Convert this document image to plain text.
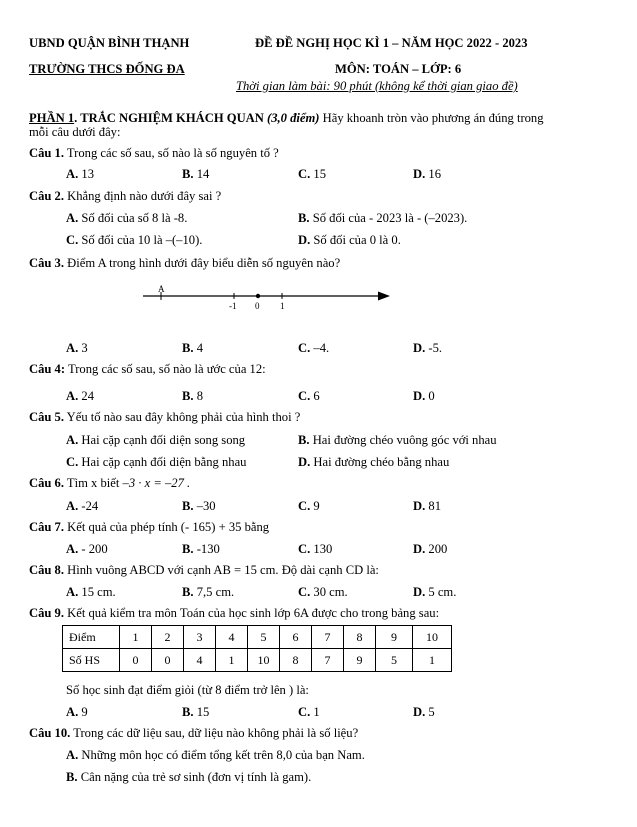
UBND QUẬN BÌNH THẠNH	ĐỀ ĐỀ NGHỊ HỌC KÌ 1 – NĂM HỌC 2022 - 2023
TRƯỜNG THCS ĐỐNG ĐA	MÔN: TOÁN – LỚP: 6
Thời gian làm bài: 90 phút (không kể thời gian giao đề)
PHẦN 1. TRẮC NGHIỆM KHÁCH QUAN (3,0 điểm) Hãy khoanh tròn vào phương án đúng trong
mỗi câu dưới đây:
Câu 1. Trong các số sau, số nào là số nguyên tố ?
A. 13	B. 14	C. 15	D. 16
Câu 2. Khẳng định nào dưới đây sai ?
A. Số đối của số 8 là -8.	B. Số đối của - 2023 là - (–2023).
C. Số đối của 10 là –(–10).	D. Số đối của 0 là 0.
Câu 3. Điểm A trong hình dưới đây biểu diễn số nguyên nào?
A
-1 0 1
A. 3	B. 4	C. –4.	D. -5.
Câu 4: Trong các số sau, số nào là ước của 12:
A. 24	B. 8	C. 6	D. 0
Câu 5. Yếu tố nào sau đây không phải của hình thoi ?
A. Hai cặp cạnh đối diện song song	B. Hai đường chéo vuông góc với nhau
C. Hai cặp cạnh đối diện bằng nhau	D. Hai đường chéo bằng nhau
Câu 6. Tìm x biết –3 · x = –27 .
A. -24	B. –30	C. 9	D. 81
Câu 7. Kết quả của phép tính (- 165) + 35 bằng
A. - 200	B. -130	C. 130	D. 200
Câu 8. Hình vuông ABCD với cạnh AB = 15 cm. Độ dài cạnh CD là:
A. 15 cm.	B. 7,5 cm.	C. 30 cm.	D. 5 cm.
Câu 9. Kết quả kiểm tra môn Toán của học sinh lớp 6A được cho trong bảng sau:
Điểm	1	2	3	4	5	6	7	8	9	10
Số HS	0	0	4	1	10	8	7	9	5	1
Số học sinh đạt điểm giỏi (từ 8 điểm trở lên ) là:
A. 9	B. 15	C. 1	D. 5
Câu 10. Trong các dữ liệu sau, dữ liệu nào không phải là số liệu?
A. Những môn học có điểm tổng kết trên 8,0 của bạn Nam.
B. Cân nặng của trẻ sơ sinh (đơn vị tính là gam).
